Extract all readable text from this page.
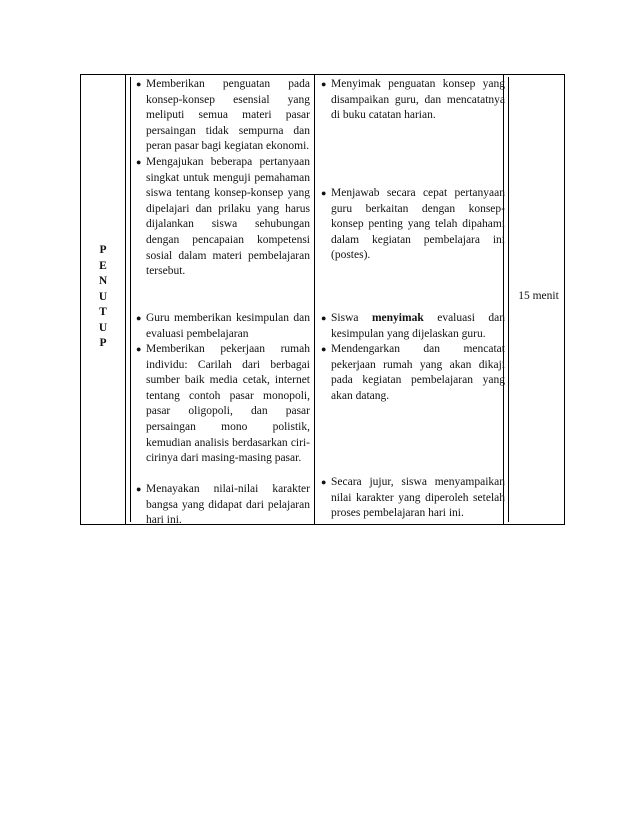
P
E
N
U
T
U
P
● Memberikan penguatan pada konsep-konsep esensial yang meliputi semua materi pasar persaingan tidak sempurna dan peran pasar bagi kegiatan ekonomi.
● Mengajukan beberapa pertanyaan singkat untuk menguji pemahaman siswa tentang konsep-konsep yang dipelajari dan prilaku yang harus dijalankan siswa sehubungan dengan pencapaian kompetensi sosial dalam materi pembelajaran tersebut.
● Guru memberikan kesimpulan dan evaluasi pembelajaran
● Memberikan pekerjaan rumah individu: Carilah dari berbagai sumber baik media cetak, internet tentang contoh pasar monopoli, pasar oligopoli, dan pasar persaingan mono polistik, kemudian analisis berdasarkan ciri-cirinya dari masing-masing pasar.
● Menayakan nilai-nilai karakter bangsa yang didapat dari pelajaran hari ini.
● Menyimak penguatan konsep yang disampaikan guru, dan mencatatnya di buku catatan harian.
● Menjawab secara cepat pertanyaan guru berkaitan dengan konsep-konsep penting yang telah dipahami dalam kegiatan pembelajara ini (postes).
● Siswa menyimak evaluasi dan kesimpulan yang dijelaskan guru.
● Mendengarkan dan mencatat pekerjaan rumah yang akan dikaji pada kegiatan pembelajaran yang akan datang.
● Secara jujur, siswa menyampaikan nilai karakter yang diperoleh setelah proses pembelajaran hari ini.
15 menit
